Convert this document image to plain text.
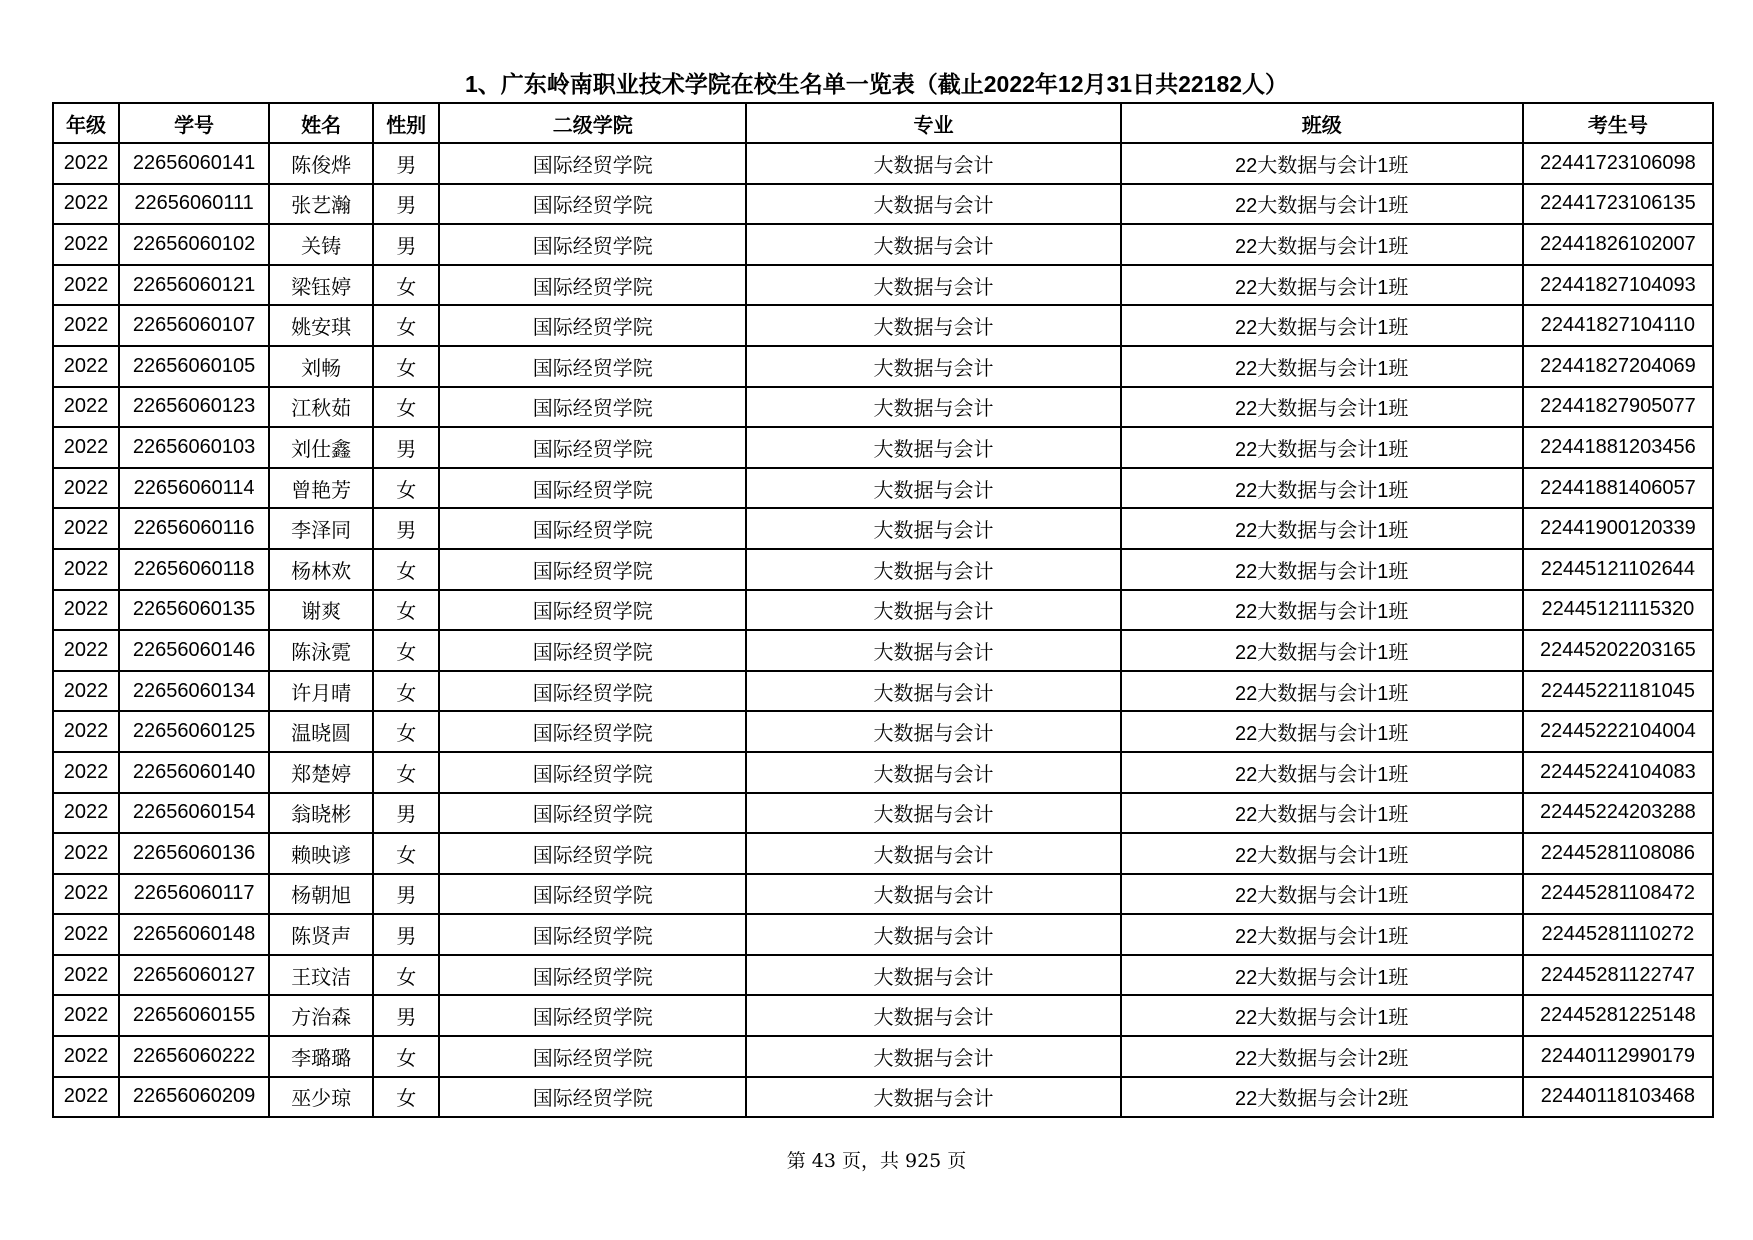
1、广东岭南职业技术学院在校生名单一览表（截止2022年12月31日共22182人）
年级	学号	姓名	性别	二级学院	专业	班级	考生号
2022	22656060141	陈俊烨	男	国际经贸学院	大数据与会计	22大数据与会计1班	22441723106098
2022	22656060111	张艺瀚	男	国际经贸学院	大数据与会计	22大数据与会计1班	22441723106135
2022	22656060102	关铸	男	国际经贸学院	大数据与会计	22大数据与会计1班	22441826102007
2022	22656060121	梁钰婷	女	国际经贸学院	大数据与会计	22大数据与会计1班	22441827104093
2022	22656060107	姚安琪	女	国际经贸学院	大数据与会计	22大数据与会计1班	22441827104110
2022	22656060105	刘畅	女	国际经贸学院	大数据与会计	22大数据与会计1班	22441827204069
2022	22656060123	江秋茹	女	国际经贸学院	大数据与会计	22大数据与会计1班	22441827905077
2022	22656060103	刘仕鑫	男	国际经贸学院	大数据与会计	22大数据与会计1班	22441881203456
2022	22656060114	曾艳芳	女	国际经贸学院	大数据与会计	22大数据与会计1班	22441881406057
2022	22656060116	李泽同	男	国际经贸学院	大数据与会计	22大数据与会计1班	22441900120339
2022	22656060118	杨林欢	女	国际经贸学院	大数据与会计	22大数据与会计1班	22445121102644
2022	22656060135	谢爽	女	国际经贸学院	大数据与会计	22大数据与会计1班	22445121115320
2022	22656060146	陈泳霓	女	国际经贸学院	大数据与会计	22大数据与会计1班	22445202203165
2022	22656060134	许月晴	女	国际经贸学院	大数据与会计	22大数据与会计1班	22445221181045
2022	22656060125	温晓圆	女	国际经贸学院	大数据与会计	22大数据与会计1班	22445222104004
2022	22656060140	郑楚婷	女	国际经贸学院	大数据与会计	22大数据与会计1班	22445224104083
2022	22656060154	翁晓彬	男	国际经贸学院	大数据与会计	22大数据与会计1班	22445224203288
2022	22656060136	赖映谚	女	国际经贸学院	大数据与会计	22大数据与会计1班	22445281108086
2022	22656060117	杨朝旭	男	国际经贸学院	大数据与会计	22大数据与会计1班	22445281108472
2022	22656060148	陈贤声	男	国际经贸学院	大数据与会计	22大数据与会计1班	22445281110272
2022	22656060127	王玟洁	女	国际经贸学院	大数据与会计	22大数据与会计1班	22445281122747
2022	22656060155	方治森	男	国际经贸学院	大数据与会计	22大数据与会计1班	22445281225148
2022	22656060222	李璐璐	女	国际经贸学院	大数据与会计	22大数据与会计2班	22440112990179
2022	22656060209	巫少琼	女	国际经贸学院	大数据与会计	22大数据与会计2班	22440118103468
第 43 页，共 925 页
